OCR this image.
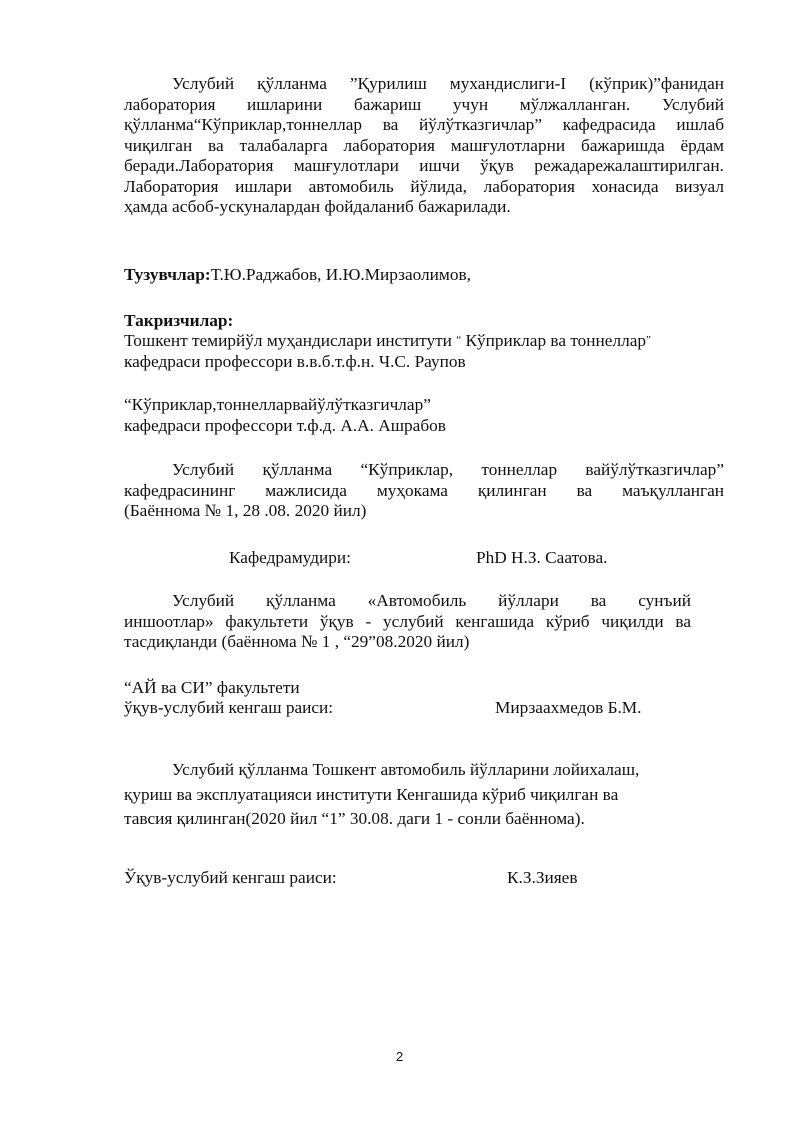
Услубий қўлланма ”Қурилиш мухандислиги-I (кўприк)”фанидан
лаборатория ишларини бажариш учун мўлжалланган. Услубий
қўлланма“Кўприклар,тоннеллар ва йўлўтказгичлар” кафедрасида ишлаб
чиқилган ва талабаларга лаборатория машғулотларни бажаришда ёрдам
беради.Лаборатория машғулотлари ишчи ўқув режадарежалаштирилган.
Лаборатория ишлари автомобиль йўлида, лаборатория хонасида визуал
ҳамда асбоб-ускуналардан фойдаланиб бажарилади.
Тузувчлар:Т.Ю.Раджабов, И.Ю.Мирзаолимов,
Такризчилар:
Тошкент темирйўл муҳандислари институти “ Кўприклар ва тоннеллар”
кафедраси профессори в.в.б.т.ф.н. Ч.С. Раупов
“Кўприклар,тоннелларвайўлўтказгичлар”
кафедраси профессори т.ф.д. А.А. Ашрабов
Услубий қўлланма “Кўприклар, тоннеллар вайўлўтказгичлар”
кафедрасининг мажлисида муҳокама қилинган ва маъқулланган
(Баённома № 1, 28 .08. 2020 йил)
Кафедрамудири:	PhD Н.З. Саатова.
Услубий қўлланма «Автомобиль йўллари ва сунъий
иншоотлар» факультети ўқув - услубий кенгашида кўриб чиқилди ва
тасдиқланди (баённома № 1 , “29”08.2020 йил)
“АЙ ва СИ” факультети
ўқув-услубий кенгаш раиси:	Мирзаахмедов Б.М.
Услубий қўлланма Тошкент автомобиль йўлларини лойихалаш,
қуриш ва эксплуатацияси институти Кенгашида кўриб чиқилган ва
тавсия қилинган(2020 йил “1” 30.08. даги 1 - сонли баённома).
Ўқув-услубий кенгаш раиси:	К.З.Зияев
2
